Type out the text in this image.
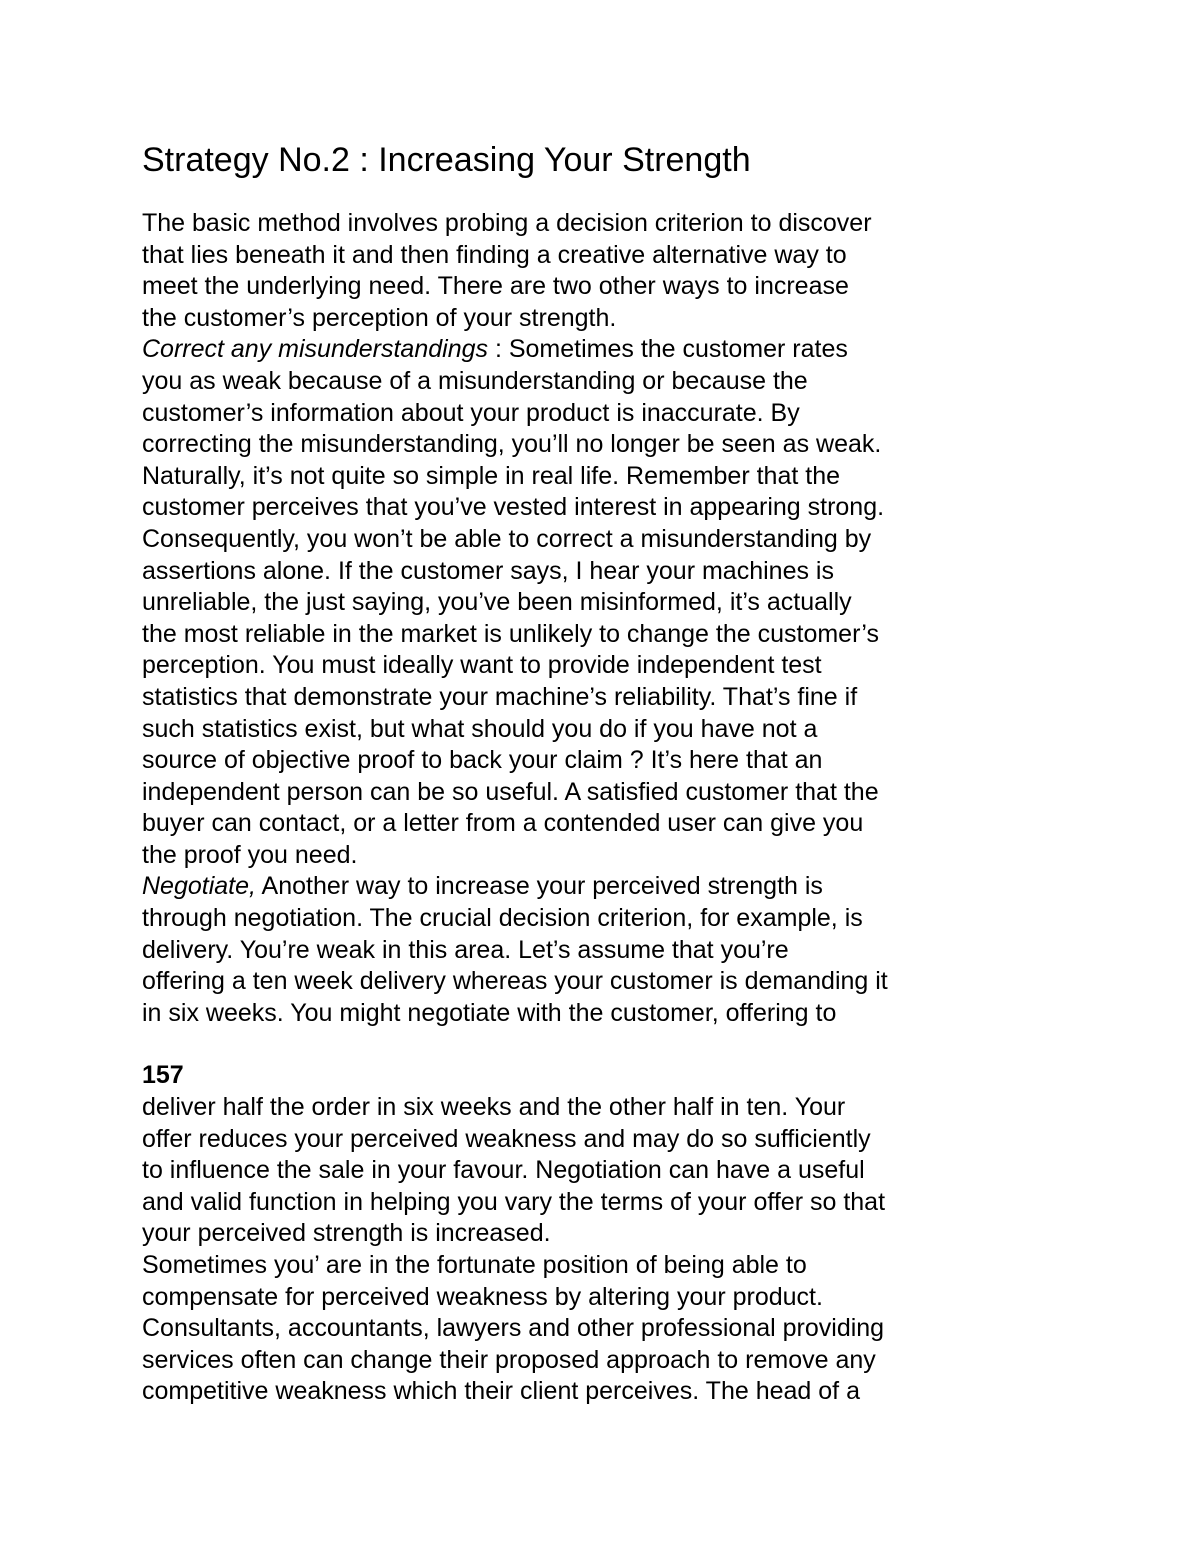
Strategy No.2 : Increasing Your Strength

The basic method involves probing a decision criterion to discover

that lies beneath it and then finding a creative alternative way to

meet the underlying need. There are two other ways to increase

the customer’s perception of your strength.

Correct any misunderstandings : Sometimes the customer rates

you as weak because of a misunderstanding or because the

customer’s information about your product is inaccurate. By

correcting the misunderstanding, you’ll no longer be seen as weak.

Naturally, it’s not quite so simple in real life. Remember that the

customer perceives that you’ve vested interest in appearing strong.

Consequently, you won’t be able to correct a misunderstanding by

assertions alone. If the customer says, I hear your machines is

unreliable, the just saying, you’ve been misinformed, it’s actually

the most reliable in the market is unlikely to change the customer’s

perception. You must ideally want to provide independent test

statistics that demonstrate your machine’s reliability. That’s fine if

such statistics exist, but what should you do if you have not a

source of objective proof to back your claim ? It’s here that an

independent person can be so useful. A satisfied customer that the

buyer can contact, or a letter from a contended user can give you

the proof you need.

Negotiate, Another way to increase your perceived strength is

through negotiation. The crucial decision criterion, for example, is

delivery. You’re weak in this area. Let’s assume that you’re

offering a ten week delivery whereas your customer is demanding it

in six weeks. You might negotiate with the customer, offering to

157

deliver half the order in six weeks and the other half in ten. Your

offer reduces your perceived weakness and may do so sufficiently

to influence the sale in your favour. Negotiation can have a useful

and valid function in helping you vary the terms of your offer so that

your perceived strength is increased.

Sometimes you’ are in the fortunate position of being able to

compensate for perceived weakness by altering your product.

Consultants, accountants, lawyers and other professional providing

services often can change their proposed approach to remove any

competitive weakness which their client perceives. The head of a
